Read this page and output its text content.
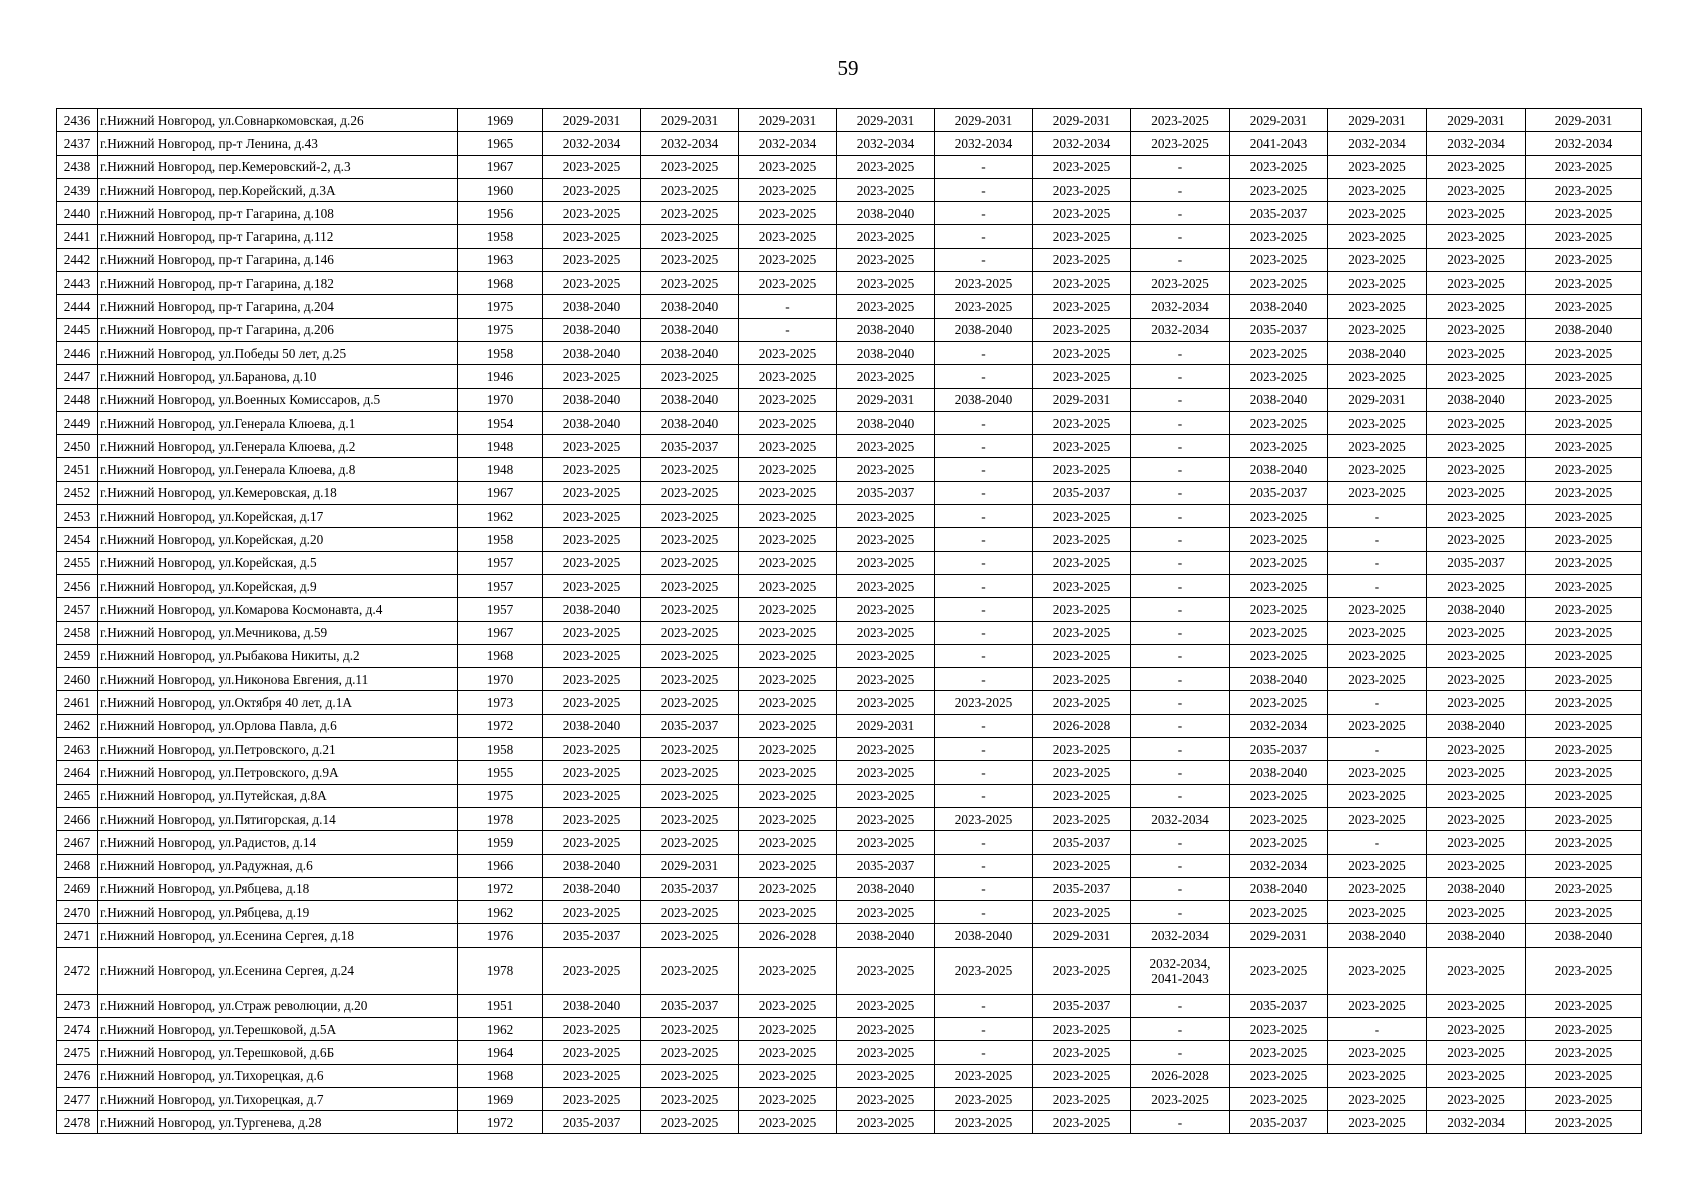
59
2436	г.Нижний Новгород, ул.Совнаркомовская, д.26	1969	2029-2031	2029-2031	2029-2031	2029-2031	2029-2031	2029-2031	2023-2025	2029-2031	2029-2031	2029-2031	2029-2031
2437	г.Нижний Новгород, пр-т Ленина, д.43	1965	2032-2034	2032-2034	2032-2034	2032-2034	2032-2034	2032-2034	2023-2025	2041-2043	2032-2034	2032-2034	2032-2034
2438	г.Нижний Новгород, пер.Кемеровский-2, д.3	1967	2023-2025	2023-2025	2023-2025	2023-2025	-	2023-2025	-	2023-2025	2023-2025	2023-2025	2023-2025
2439	г.Нижний Новгород, пер.Корейский, д.3А	1960	2023-2025	2023-2025	2023-2025	2023-2025	-	2023-2025	-	2023-2025	2023-2025	2023-2025	2023-2025
2440	г.Нижний Новгород, пр-т Гагарина, д.108	1956	2023-2025	2023-2025	2023-2025	2038-2040	-	2023-2025	-	2035-2037	2023-2025	2023-2025	2023-2025
2441	г.Нижний Новгород, пр-т Гагарина, д.112	1958	2023-2025	2023-2025	2023-2025	2023-2025	-	2023-2025	-	2023-2025	2023-2025	2023-2025	2023-2025
2442	г.Нижний Новгород, пр-т Гагарина, д.146	1963	2023-2025	2023-2025	2023-2025	2023-2025	-	2023-2025	-	2023-2025	2023-2025	2023-2025	2023-2025
2443	г.Нижний Новгород, пр-т Гагарина, д.182	1968	2023-2025	2023-2025	2023-2025	2023-2025	2023-2025	2023-2025	2023-2025	2023-2025	2023-2025	2023-2025	2023-2025
2444	г.Нижний Новгород, пр-т Гагарина, д.204	1975	2038-2040	2038-2040	-	2023-2025	2023-2025	2023-2025	2032-2034	2038-2040	2023-2025	2023-2025	2023-2025
2445	г.Нижний Новгород, пр-т Гагарина, д.206	1975	2038-2040	2038-2040	-	2038-2040	2038-2040	2023-2025	2032-2034	2035-2037	2023-2025	2023-2025	2038-2040
2446	г.Нижний Новгород, ул.Победы 50 лет, д.25	1958	2038-2040	2038-2040	2023-2025	2038-2040	-	2023-2025	-	2023-2025	2038-2040	2023-2025	2023-2025
2447	г.Нижний Новгород, ул.Баранова, д.10	1946	2023-2025	2023-2025	2023-2025	2023-2025	-	2023-2025	-	2023-2025	2023-2025	2023-2025	2023-2025
2448	г.Нижний Новгород, ул.Военных Комиссаров, д.5	1970	2038-2040	2038-2040	2023-2025	2029-2031	2038-2040	2029-2031	-	2038-2040	2029-2031	2038-2040	2023-2025
2449	г.Нижний Новгород, ул.Генерала Клюева, д.1	1954	2038-2040	2038-2040	2023-2025	2038-2040	-	2023-2025	-	2023-2025	2023-2025	2023-2025	2023-2025
2450	г.Нижний Новгород, ул.Генерала Клюева, д.2	1948	2023-2025	2035-2037	2023-2025	2023-2025	-	2023-2025	-	2023-2025	2023-2025	2023-2025	2023-2025
2451	г.Нижний Новгород, ул.Генерала Клюева, д.8	1948	2023-2025	2023-2025	2023-2025	2023-2025	-	2023-2025	-	2038-2040	2023-2025	2023-2025	2023-2025
2452	г.Нижний Новгород, ул.Кемеровская, д.18	1967	2023-2025	2023-2025	2023-2025	2035-2037	-	2035-2037	-	2035-2037	2023-2025	2023-2025	2023-2025
2453	г.Нижний Новгород, ул.Корейская, д.17	1962	2023-2025	2023-2025	2023-2025	2023-2025	-	2023-2025	-	2023-2025	-	2023-2025	2023-2025
2454	г.Нижний Новгород, ул.Корейская, д.20	1958	2023-2025	2023-2025	2023-2025	2023-2025	-	2023-2025	-	2023-2025	-	2023-2025	2023-2025
2455	г.Нижний Новгород, ул.Корейская, д.5	1957	2023-2025	2023-2025	2023-2025	2023-2025	-	2023-2025	-	2023-2025	-	2035-2037	2023-2025
2456	г.Нижний Новгород, ул.Корейская, д.9	1957	2023-2025	2023-2025	2023-2025	2023-2025	-	2023-2025	-	2023-2025	-	2023-2025	2023-2025
2457	г.Нижний Новгород, ул.Комарова Космонавта, д.4	1957	2038-2040	2023-2025	2023-2025	2023-2025	-	2023-2025	-	2023-2025	2023-2025	2038-2040	2023-2025
2458	г.Нижний Новгород, ул.Мечникова, д.59	1967	2023-2025	2023-2025	2023-2025	2023-2025	-	2023-2025	-	2023-2025	2023-2025	2023-2025	2023-2025
2459	г.Нижний Новгород, ул.Рыбакова Никиты, д.2	1968	2023-2025	2023-2025	2023-2025	2023-2025	-	2023-2025	-	2023-2025	2023-2025	2023-2025	2023-2025
2460	г.Нижний Новгород, ул.Никонова Евгения, д.11	1970	2023-2025	2023-2025	2023-2025	2023-2025	-	2023-2025	-	2038-2040	2023-2025	2023-2025	2023-2025
2461	г.Нижний Новгород, ул.Октября 40 лет, д.1А	1973	2023-2025	2023-2025	2023-2025	2023-2025	2023-2025	2023-2025	-	2023-2025	-	2023-2025	2023-2025
2462	г.Нижний Новгород, ул.Орлова Павла, д.6	1972	2038-2040	2035-2037	2023-2025	2029-2031	-	2026-2028	-	2032-2034	2023-2025	2038-2040	2023-2025
2463	г.Нижний Новгород, ул.Петровского, д.21	1958	2023-2025	2023-2025	2023-2025	2023-2025	-	2023-2025	-	2035-2037	-	2023-2025	2023-2025
2464	г.Нижний Новгород, ул.Петровского, д.9А	1955	2023-2025	2023-2025	2023-2025	2023-2025	-	2023-2025	-	2038-2040	2023-2025	2023-2025	2023-2025
2465	г.Нижний Новгород, ул.Путейская, д.8А	1975	2023-2025	2023-2025	2023-2025	2023-2025	-	2023-2025	-	2023-2025	2023-2025	2023-2025	2023-2025
2466	г.Нижний Новгород, ул.Пятигорская, д.14	1978	2023-2025	2023-2025	2023-2025	2023-2025	2023-2025	2023-2025	2032-2034	2023-2025	2023-2025	2023-2025	2023-2025
2467	г.Нижний Новгород, ул.Радистов, д.14	1959	2023-2025	2023-2025	2023-2025	2023-2025	-	2035-2037	-	2023-2025	-	2023-2025	2023-2025
2468	г.Нижний Новгород, ул.Радужная, д.6	1966	2038-2040	2029-2031	2023-2025	2035-2037	-	2023-2025	-	2032-2034	2023-2025	2023-2025	2023-2025
2469	г.Нижний Новгород, ул.Рябцева, д.18	1972	2038-2040	2035-2037	2023-2025	2038-2040	-	2035-2037	-	2038-2040	2023-2025	2038-2040	2023-2025
2470	г.Нижний Новгород, ул.Рябцева, д.19	1962	2023-2025	2023-2025	2023-2025	2023-2025	-	2023-2025	-	2023-2025	2023-2025	2023-2025	2023-2025
2471	г.Нижний Новгород, ул.Есенина Сергея, д.18	1976	2035-2037	2023-2025	2026-2028	2038-2040	2038-2040	2029-2031	2032-2034	2029-2031	2038-2040	2038-2040	2038-2040
2472	г.Нижний Новгород, ул.Есенина Сергея, д.24	1978	2023-2025	2023-2025	2023-2025	2023-2025	2023-2025	2023-2025	2032-2034, 2041-2043	2023-2025	2023-2025	2023-2025	2023-2025
2473	г.Нижний Новгород, ул.Страж революции, д.20	1951	2038-2040	2035-2037	2023-2025	2023-2025	-	2035-2037	-	2035-2037	2023-2025	2023-2025	2023-2025
2474	г.Нижний Новгород, ул.Терешковой, д.5А	1962	2023-2025	2023-2025	2023-2025	2023-2025	-	2023-2025	-	2023-2025	-	2023-2025	2023-2025
2475	г.Нижний Новгород, ул.Терешковой, д.6Б	1964	2023-2025	2023-2025	2023-2025	2023-2025	-	2023-2025	-	2023-2025	2023-2025	2023-2025	2023-2025
2476	г.Нижний Новгород, ул.Тихорецкая, д.6	1968	2023-2025	2023-2025	2023-2025	2023-2025	2023-2025	2023-2025	2026-2028	2023-2025	2023-2025	2023-2025	2023-2025
2477	г.Нижний Новгород, ул.Тихорецкая, д.7	1969	2023-2025	2023-2025	2023-2025	2023-2025	2023-2025	2023-2025	2023-2025	2023-2025	2023-2025	2023-2025	2023-2025
2478	г.Нижний Новгород, ул.Тургенева, д.28	1972	2035-2037	2023-2025	2023-2025	2023-2025	2023-2025	2023-2025	-	2035-2037	2023-2025	2032-2034	2023-2025
